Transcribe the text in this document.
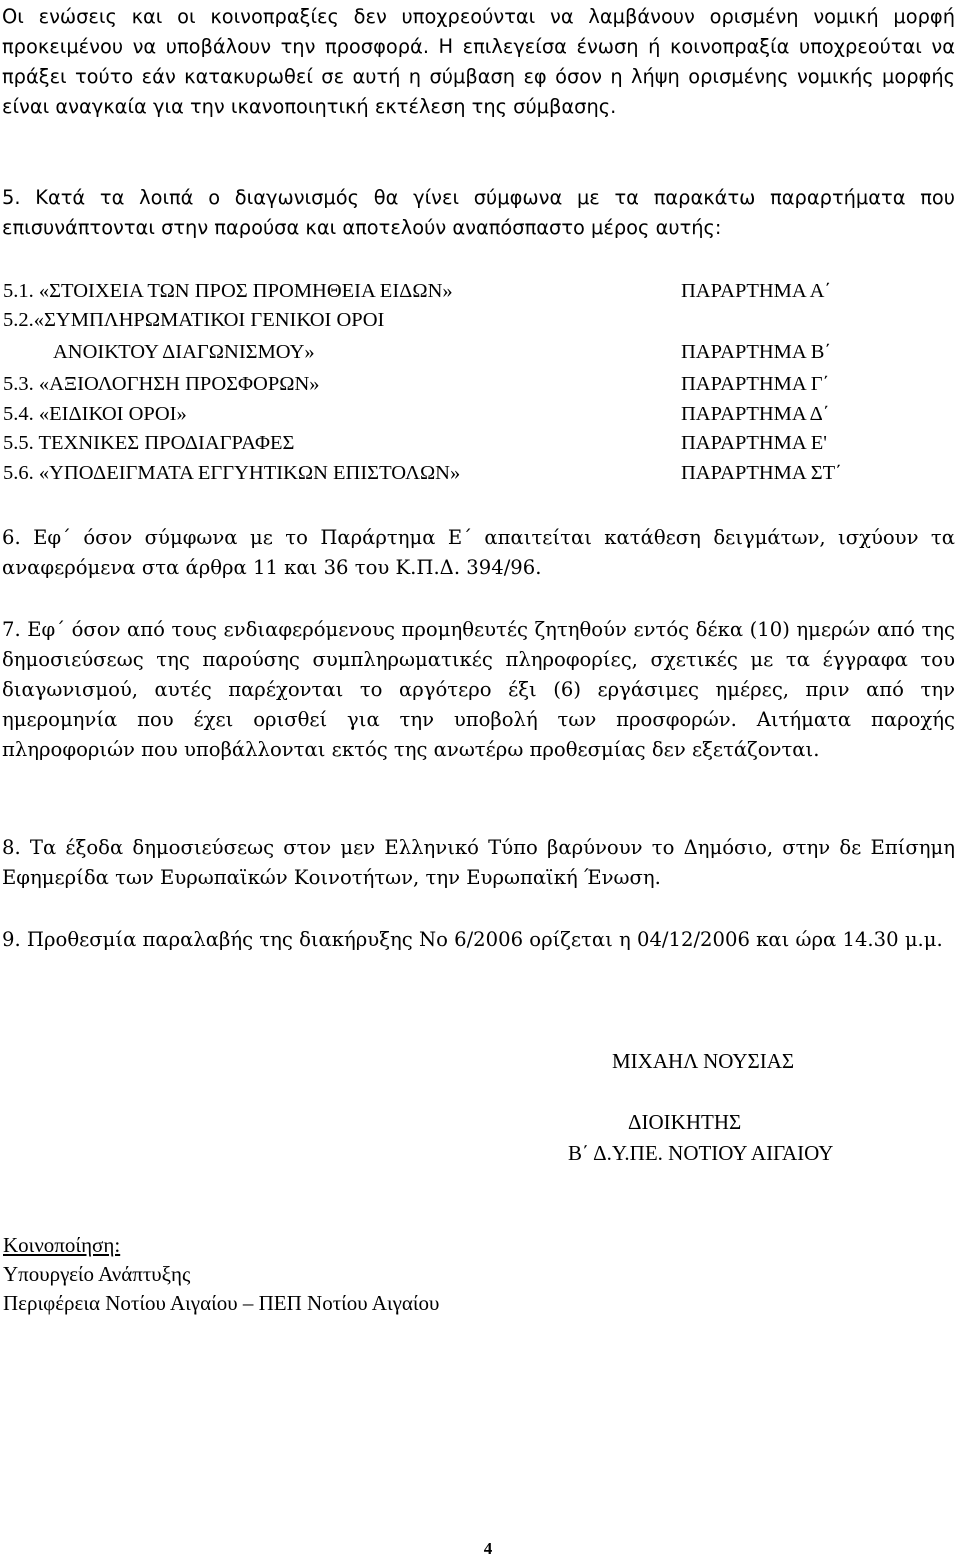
Οι ενώσεις και οι κοινοπραξίες δεν υποχρεούνται να λαμβάνουν ορισμένη νομική μορφή προκειμένου να υποβάλουν την προσφορά. Η επιλεγείσα ένωση ή κοινοπραξία υποχρεούται να πράξει τούτο εάν κατακυρωθεί σε αυτή η σύμβαση εφ όσον η λήψη ορισμένης νομικής μορφής είναι αναγκαία για την ικανοποιητική εκτέλεση της σύμβασης.

5. Κατά τα λοιπά ο διαγωνισμός θα γίνει σύμφωνα με τα παρακάτω παραρτήματα που επισυνάπτονται στην παρούσα και αποτελούν αναπόσπαστο μέρος αυτής:

5.1. «ΣΤΟΙΧΕΙΑ ΤΩΝ ΠΡΟΣ ΠΡΟΜΗΘΕΙΑ ΕΙΔΩΝ»	ΠΑΡΑΡΤΗΜΑ Α΄
5.2.«ΣΥΜΠΛΗΡΩΜΑΤΙΚΟΙ ΓΕΝΙΚΟΙ ΟΡΟΙ
ΑΝΟΙΚΤΟΥ ΔΙΑΓΩΝΙΣΜΟΥ»	ΠΑΡΑΡΤΗΜΑ Β΄
5.3. «ΑΞΙΟΛΟΓΗΣΗ ΠΡΟΣΦΟΡΩΝ»	ΠΑΡΑΡΤΗΜΑ Γ΄
5.4. «ΕΙΔΙΚΟΙ ΟΡΟΙ»	ΠΑΡΑΡΤΗΜΑ Δ΄
5.5. ΤΕΧΝΙΚΕΣ ΠΡΟΔΙΑΓΡΑΦΕΣ	ΠΑΡΑΡΤΗΜΑ Ε'
5.6. «ΥΠΟΔΕΙΓΜΑΤΑ ΕΓΓΥΗΤΙΚΩΝ ΕΠΙΣΤΟΛΩΝ»	ΠΑΡΑΡΤΗΜΑ ΣΤ΄

6. Εφ΄ όσον σύμφωνα με το Παράρτημα Ε΄ απαιτείται κατάθεση δειγμάτων, ισχύουν τα αναφερόμενα στα άρθρα 11 και 36 του Κ.Π.Δ. 394/96.

7. Εφ΄ όσον από τους ενδιαφερόμενους προμηθευτές ζητηθούν εντός δέκα (10) ημερών από της δημοσιεύσεως της παρούσης συμπληρωματικές πληροφορίες, σχετικές με τα έγγραφα του διαγωνισμού, αυτές παρέχονται το αργότερο έξι (6) εργάσιμες ημέρες, πριν από την ημερομηνία που έχει ορισθεί για την υποβολή των προσφορών. Αιτήματα παροχής πληροφοριών που υποβάλλονται εκτός της ανωτέρω προθεσμίας δεν εξετάζονται.

8. Τα έξοδα δημοσιεύσεως στον μεν Ελληνικό Τύπο βαρύνουν το Δημόσιο, στην δε Επίσημη Εφημερίδα των Ευρωπαϊκών Κοινοτήτων, την Ευρωπαϊκή Ένωση.

9. Προθεσμία παραλαβής της διακήρυξης Νο 6/2006 ορίζεται η 04/12/2006 και ώρα 14.30 μ.μ.

ΜΙΧΑΗΛ ΝΟΥΣΙΑΣ
ΔΙΟΙΚΗΤΗΣ
Β΄ Δ.Υ.ΠΕ. ΝΟΤΙΟΥ ΑΙΓΑΙΟΥ
Κοινοποίηση:
Υπουργείο Ανάπτυξης
Περιφέρεια Νοτίου Αιγαίου – ΠΕΠ Νοτίου Αιγαίου
4
